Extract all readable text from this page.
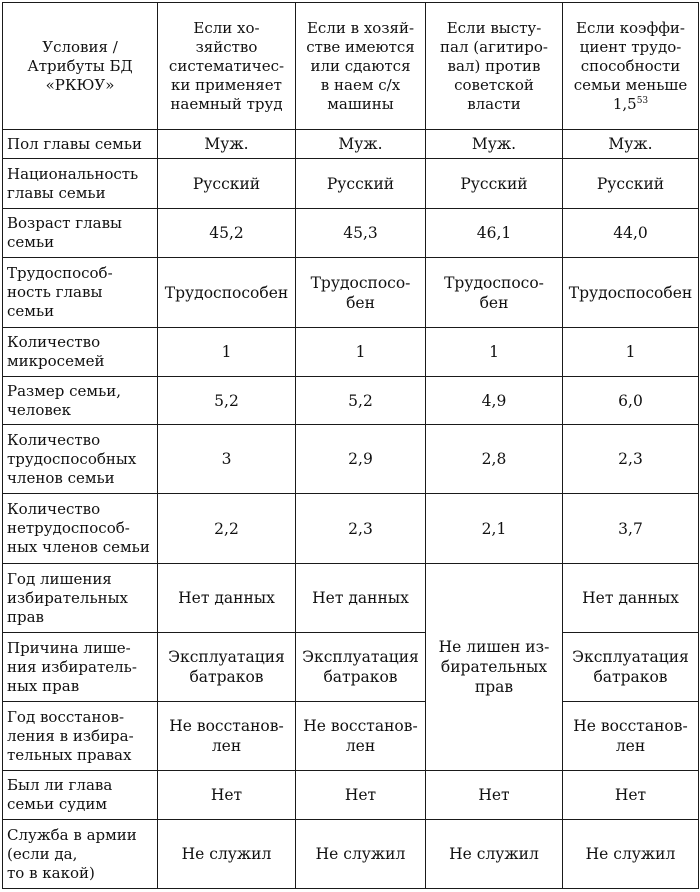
Условия /
Атрибуты БД
«РКЮУ»	Если хо-
зяйство
систематичес-
ки применяет
наемный труд	Если в хозяй-
стве имеются
или сдаются
в наем с/х
машины	Если высту-
пал (агитиро-
вал) против
советской
власти	Если коэффи-
циент трудо-
способности
семьи меньше
$1,5^{53}$

Пол главы семьи	Муж.	Муж.	Муж.	Муж.

Национальность
главы семьи	Русский	Русский	Русский	Русский

Возраст главы
семьи	45,2	45,3	46,1	44,0

Трудоспособ-
ность главы
семьи	Трудоспособен	Трудоспосо-
бен	Трудоспосо-
бен	Трудоспособен

Количество
микросемей	1	1	1	1

Размер семьи,
человек	5,2	5,2	4,9	6,0

Количество
трудоспособных
членов семьи	3	2,9	2,8	2,3

Количество
нетрудоспособ-
ных членов семьи	2,2	2,3	2,1	3,7

Год лишения
избирательных
прав	Нет данных	Нет данных	Не лишен из-
бирательных
прав	Нет данных

Причина лише-
ния избиратель-
ных прав	Эксплуатация
батраков	Эксплуатация
батраков		Эксплуатация
батраков

Год восстанов-
ления в избира-
тельных правах	Не восстанов-
лен	Не восстанов-
лен		Не восстанов-
лен

Был ли глава
семьи судим	Нет	Нет	Нет	Нет

Служба в армии
(если да,
то в какой)	Не служил	Не служил	Не служил	Не служил
